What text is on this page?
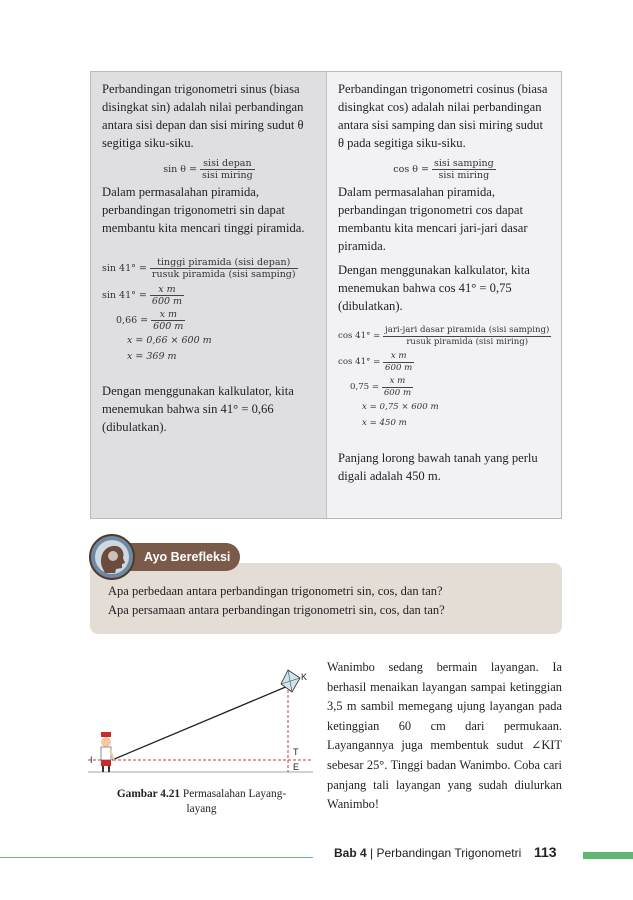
Perbandingan trigonometri sinus (biasa disingkat sin) adalah nilai perbandingan antara sisi depan dan sisi miring sudut θ segitiga siku-siku.

sin θ =
$\frac{\text{sisi depan}}{\text{sisi miring}}$

Dalam permasalahan piramida, perbandingan trigonometri sin dapat membantu kita mencari tinggi piramida.

sin 41° =
$\frac{\text{tinggi piramida (sisi depan)}}{\text{rusuk piramida (sisi samping)}}$
sin 41° =
$\frac{\text{x m}}{600 m}$
0,66 =
$\frac{\text{x m}}{600 m}$
x = 0,66 × 600 m
x = 369 m

Dengan menggunakan kalkulator, kita menemukan bahwa sin 41° = 0,66 (dibulatkan).

Perbandingan trigonometri cosinus (biasa disingkat cos) adalah nilai perbandingan antara sisi samping dan sisi miring sudut θ pada segitiga siku-siku.

cos θ =
$\frac{\text{sisi samping}}{\text{sisi miring}}$

Dalam permasalahan piramida, perbandingan trigonometri cos dapat membantu kita mencari jari-jari dasar piramida.

Dengan menggunakan kalkulator, kita menemukan bahwa cos 41° = 0,75 (dibulatkan).

cos 41° =
$\frac{\text{jari-jari dasar piramida (sisi samping)}}{\text{rusuk piramida (sisi miring)}}$
cos 41° =
$\frac{\text{x m}}{600 m}$
0,75 =
$\frac{\text{x m}}{600 m}$
x = 0,75 × 600 m
x = 450 m

Panjang lorong bawah tanah yang perlu digali adalah 450 m.

Ayo Berefleksi
Apa perbedaan antara perbandingan trigonometri sin, cos, dan tan?
Apa persamaan antara perbandingan trigonometri sin, cos, dan tan?
K
I
T
E
Gambar 4.21 Permasalahan Layang-layang
Wanimbo sedang bermain layangan. Ia berhasil menaikan layangan sampai ketinggian 3,5 m sambil memegang ujung layangan pada ketinggian 60 cm dari permukaan. Layangannya juga membentuk sudut ∠KIT sebesar 25°. Tinggi badan Wanimbo. Coba cari panjang tali layangan yang sudah diulurkan Wanimbo!
Bab 4 | Perbandingan Trigonometri 113
